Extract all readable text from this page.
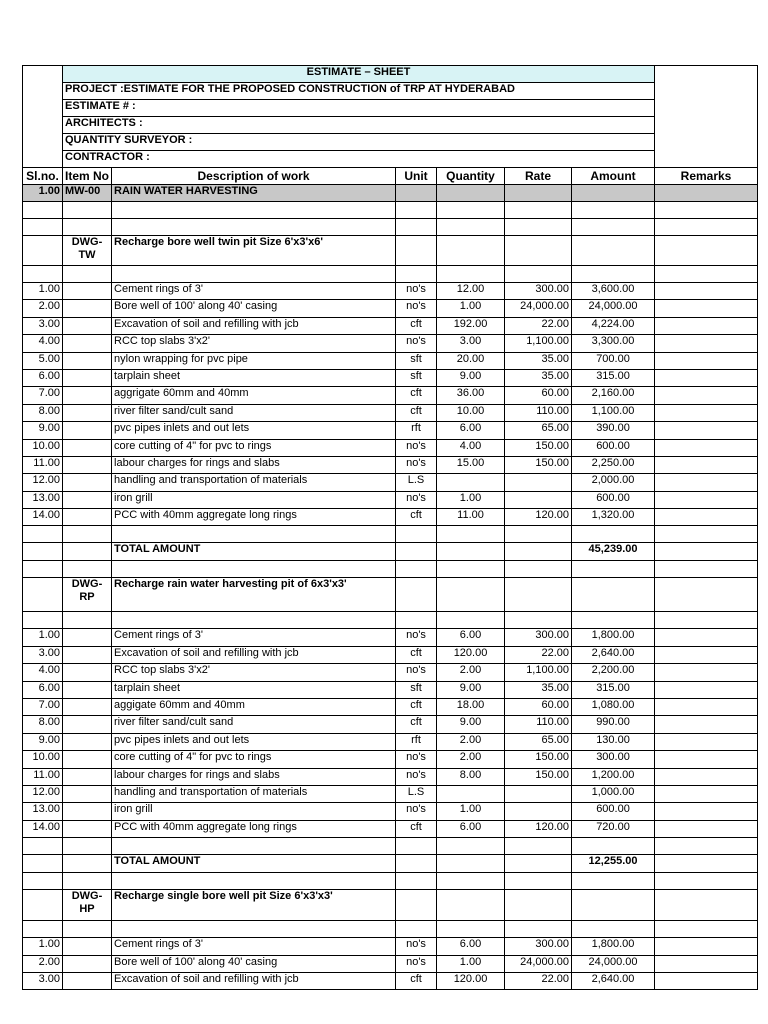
	ESTIMATE – SHEET						
	PROJECT :ESTIMATE FOR THE PROPOSED CONSTRUCTION of TRP AT HYDERABAD						
	ESTIMATE # :						
	ARCHITECTS :						
	QUANTITY SURVEYOR :						
	CONTRACTOR :						
Sl.no.	Item No	Description of work	Unit	Quantity	Rate	Amount	Remarks
1.00	MW-00	RAIN WATER HARVESTING					

	DWG-TW	Recharge bore well twin pit Size 6'x3'x6'					

1.00		Cement rings of 3'	no's	12.00	300.00	3,600.00	
2.00		Bore well of 100' along 40' casing	no's	1.00	24,000.00	24,000.00	
3.00		Excavation of soil and refilling with jcb	cft	192.00	22.00	4,224.00	
4.00		RCC top slabs 3'x2'	no's	3.00	1,100.00	3,300.00	
5.00		nylon wrapping for pvc pipe	sft	20.00	35.00	700.00	
6.00		tarplain sheet	sft	9.00	35.00	315.00	
7.00		aggrigate 60mm and 40mm	cft	36.00	60.00	2,160.00	
8.00		river filter sand/cult sand	cft	10.00	110.00	1,100.00	
9.00		pvc pipes inlets and out lets	rft	6.00	65.00	390.00	
10.00		core cutting of 4" for pvc to rings	no's	4.00	150.00	600.00	
11.00		labour charges for rings and slabs	no's	15.00	150.00	2,250.00	
12.00		handling and transportation of materials	L.S			2,000.00	
13.00		iron grill	no's	1.00		600.00	
14.00		PCC with 40mm aggregate long rings	cft	11.00	120.00	1,320.00	

		TOTAL AMOUNT				45,239.00	

	DWG-RP	Recharge rain water harvesting pit of 6x3'x3'					

1.00		Cement rings of 3'	no's	6.00	300.00	1,800.00	
3.00		Excavation of soil and refilling with jcb	cft	120.00	22.00	2,640.00	
4.00		RCC top slabs 3'x2'	no's	2.00	1,100.00	2,200.00	
6.00		tarplain sheet	sft	9.00	35.00	315.00	
7.00		aggigate 60mm and 40mm	cft	18.00	60.00	1,080.00	
8.00		river filter sand/cult sand	cft	9.00	110.00	990.00	
9.00		pvc pipes inlets and out lets	rft	2.00	65.00	130.00	
10.00		core cutting of 4" for pvc to rings	no's	2.00	150.00	300.00	
11.00		labour charges for rings and slabs	no's	8.00	150.00	1,200.00	
12.00		handling and transportation of materials	L.S			1,000.00	
13.00		iron grill	no's	1.00		600.00	
14.00		PCC with 40mm aggregate long rings	cft	6.00	120.00	720.00	

		TOTAL AMOUNT				12,255.00	

	DWG-HP	Recharge single bore well pit Size 6'x3'x3'					

1.00		Cement rings of 3'	no's	6.00	300.00	1,800.00	
2.00		Bore well of 100' along 40' casing	no's	1.00	24,000.00	24,000.00	
3.00		Excavation of soil and refilling with jcb	cft	120.00	22.00	2,640.00	
